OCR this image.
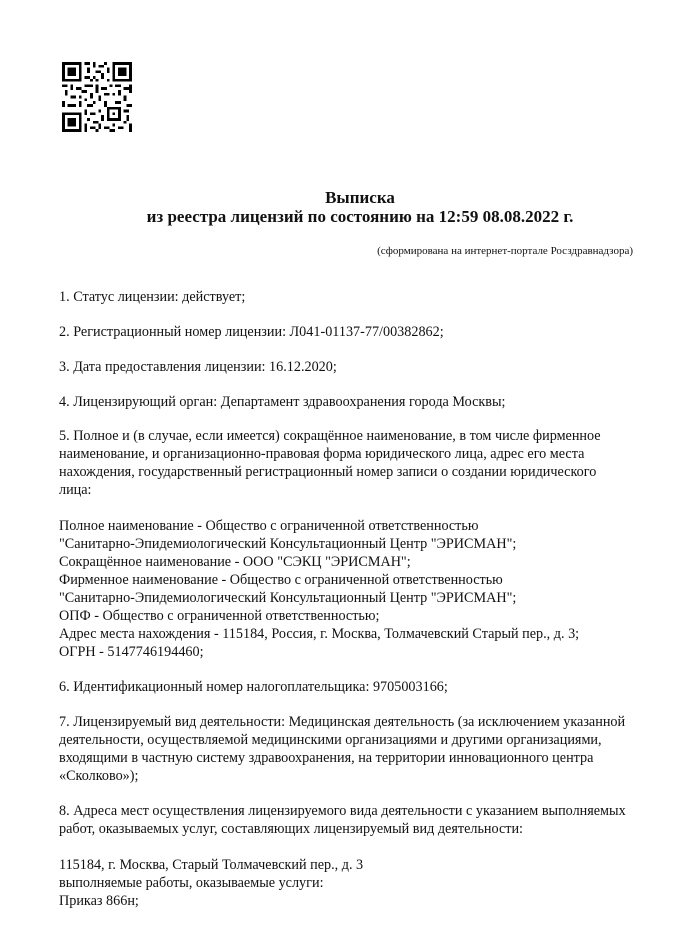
Выписка
из реестра лицензий по состоянию на 12:59 08.08.2022 г.
(сформирована на интернет-портале Росздравнадзора)

1. Статус лицензии: действует;

2. Регистрационный номер лицензии: Л041-01137-77/00382862;

3. Дата предоставления лицензии: 16.12.2020;

4. Лицензирующий орган: Департамент здравоохранения города Москвы;

5. Полное и (в случае, если имеется) сокращённое наименование, в том числе фирменное наименование, и организационно-правовая форма юридического лица, адрес его места нахождения, государственный регистрационный номер записи о создании юридического лица:

Полное наименование - Общество с ограниченной ответственностью

"Санитарно-Эпидемиологический Консультационный Центр "ЭРИСМАН";

Сокращённое наименование - ООО "СЭКЦ "ЭРИСМАН";

Фирменное наименование - Общество с ограниченной ответственностью

"Санитарно-Эпидемиологический Консультационный Центр "ЭРИСМАН";

ОПФ - Общество с ограниченной ответственностью;

Адрес места нахождения - 115184, Россия, г. Москва, Толмачевский Старый пер., д. 3;

ОГРН - 5147746194460;

6. Идентификационный номер налогоплательщика: 9705003166;

7. Лицензируемый вид деятельности: Медицинская деятельность (за исключением указанной деятельности, осуществляемой медицинскими организациями и другими организациями, входящими в частную систему здравоохранения, на территории инновационного центра «Сколково»);

8. Адреса мест осуществления лицензируемого вида деятельности с указанием выполняемых работ, оказываемых услуг, составляющих лицензируемый вид деятельности:

115184, г. Москва, Старый Толмачевский пер., д. 3

выполняемые работы, оказываемые услуги:

Приказ 866н;
